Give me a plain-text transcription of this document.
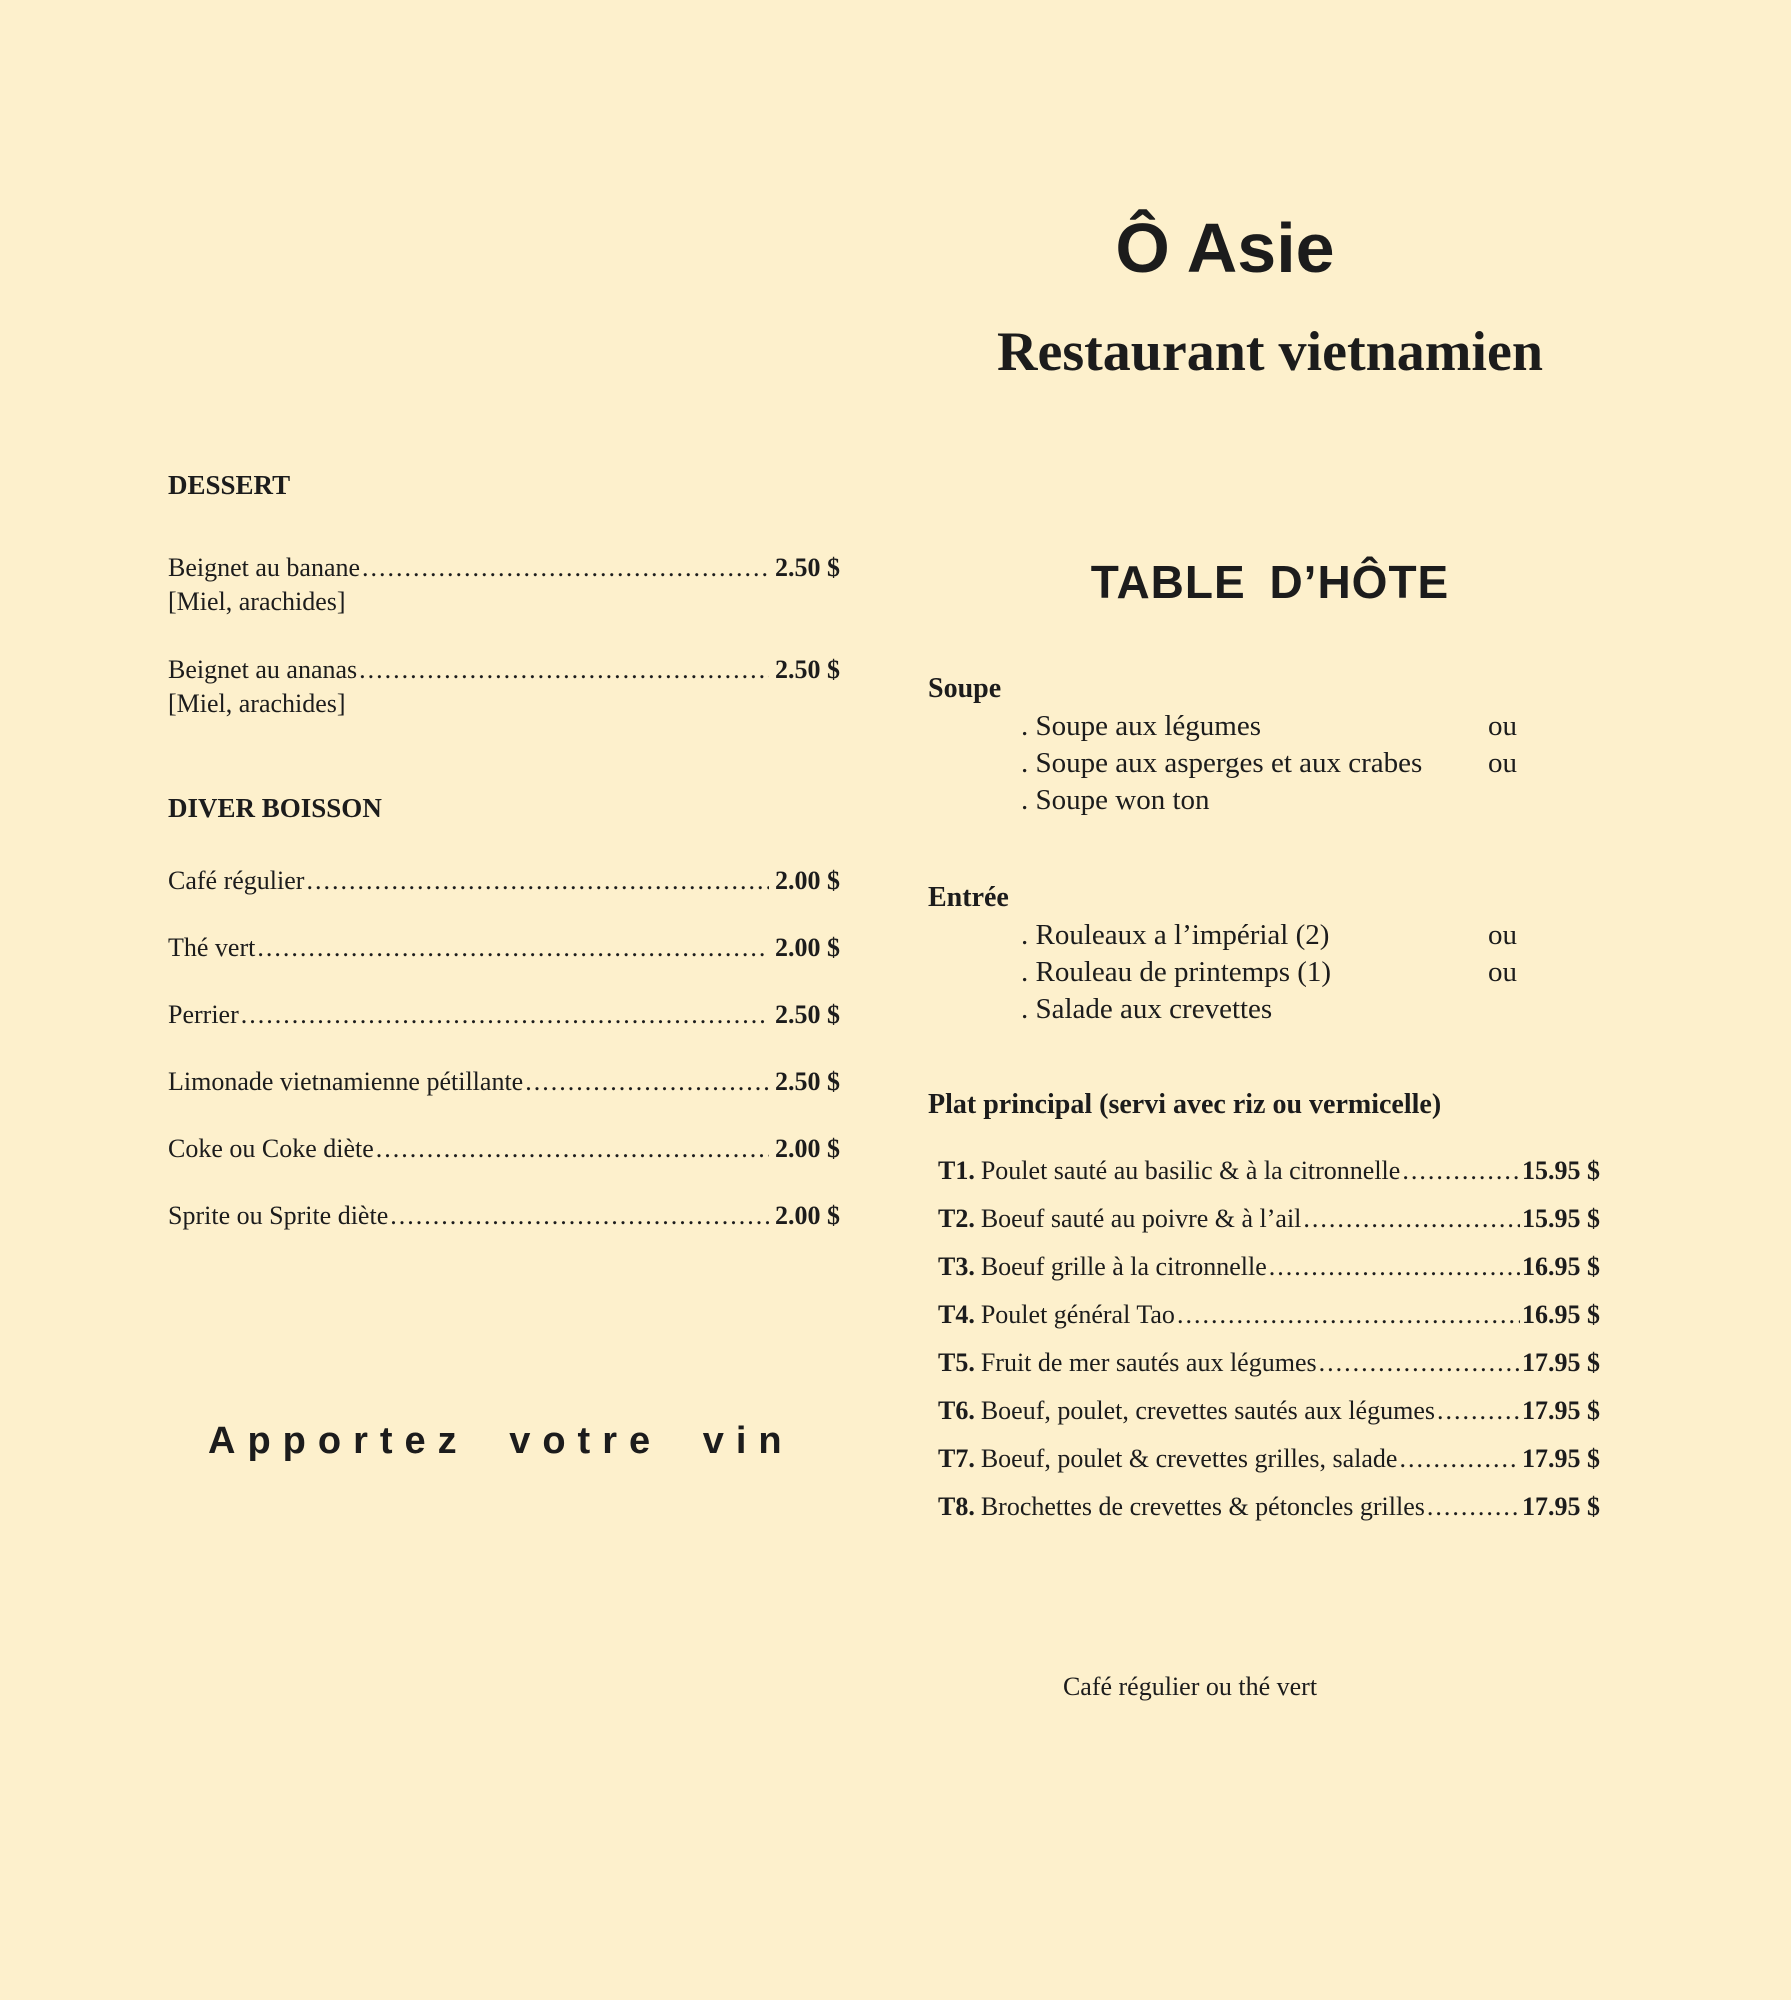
DESSERT
Beignet au banane .....	2.50 $
[Miel, arachides]
Beignet au ananas .....	2.50 $
[Miel, arachides]
DIVER BOISSON
Café régulier .....	2.00 $
Thé vert .....	2.00 $
Perrier .....	2.50 $
Limonade vietnamienne pétillante .....	2.50 $
Coke ou Coke diète .....	2.00 $
Sprite ou Sprite diète .....	2.00 $
Apportez votre vin
Ô Asie
Restaurant vietnamien
TABLE D’HÔTE
Soupe
. Soupe aux légumes	ou
. Soupe aux asperges et aux crabes ou
. Soupe won ton
Entrée
. Rouleaux a l’impérial (2)	ou
. Rouleau de printemps (1)	ou
. Salade aux crevettes
Plat principal (servi avec riz ou vermicelle)
T1. Poulet sauté au basilic & à la citronnelle .....	15.95 $
T2. Boeuf sauté au poivre & à l’ail .....	15.95 $
T3. Boeuf grille à la citronnelle .....	16.95 $
T4. Poulet général Tao .....	16.95 $
T5. Fruit de mer sautés aux légumes .....	17.95 $
T6. Boeuf, poulet, crevettes sautés aux légumes .....	17.95 $
T7. Boeuf, poulet & crevettes grilles, salade .....	17.95 $
T8. Brochettes de crevettes & pétoncles grilles .....	17.95 $
Café régulier ou thé vert
